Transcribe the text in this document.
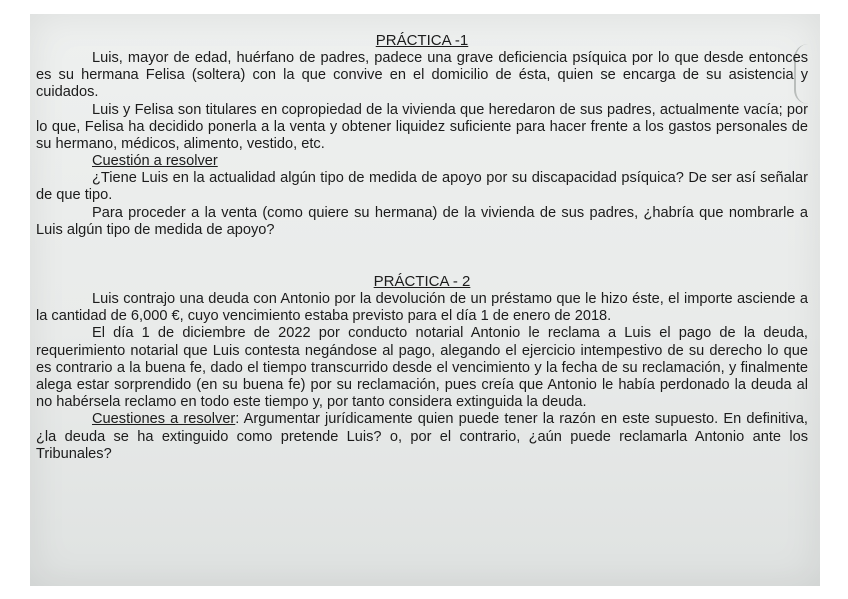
PRÁCTICA -1

Luis, mayor de edad, huérfano de padres, padece una grave deficiencia psíquica por lo que desde entonces es su hermana Felisa (soltera) con la que convive en el domicilio de ésta, quien se encarga de su asistencia y cuidados.

Luis y Felisa son titulares en copropiedad de la vivienda que heredaron de sus padres, actualmente vacía; por lo que, Felisa ha decidido ponerla a la venta y obtener liquidez suficiente para hacer frente a los gastos personales de su hermano, médicos, alimento, vestido, etc.

Cuestión a resolver

¿Tiene Luis en la actualidad algún tipo de medida de apoyo por su discapacidad psíquica? De ser así señalar de que tipo.

Para proceder a la venta (como quiere su hermana) de la vivienda de sus padres, ¿habría que nombrarle a Luis algún tipo de medida de apoyo?

PRÁCTICA - 2

Luis contrajo una deuda con Antonio por la devolución de un préstamo que le hizo éste, el importe asciende a la cantidad de 6,000 €, cuyo vencimiento estaba previsto para el día 1 de enero de 2018.

El día 1 de diciembre de 2022 por conducto notarial Antonio le reclama a Luis el pago de la deuda, requerimiento notarial que Luis contesta negándose al pago, alegando el ejercicio intempestivo de su derecho lo que es contrario a la buena fe, dado el tiempo transcurrido desde el vencimiento y la fecha de su reclamación, y finalmente alega estar sorprendido (en su buena fe) por su reclamación, pues creía que Antonio le había perdonado la deuda al no habérsela reclamo en todo este tiempo y, por tanto considera extinguida la deuda.

Cuestiones a resolver: Argumentar jurídicamente quien puede tener la razón en este supuesto. En definitiva, ¿la deuda se ha extinguido como pretende Luis? o, por el contrario, ¿aún puede reclamarla Antonio ante los Tribunales?
